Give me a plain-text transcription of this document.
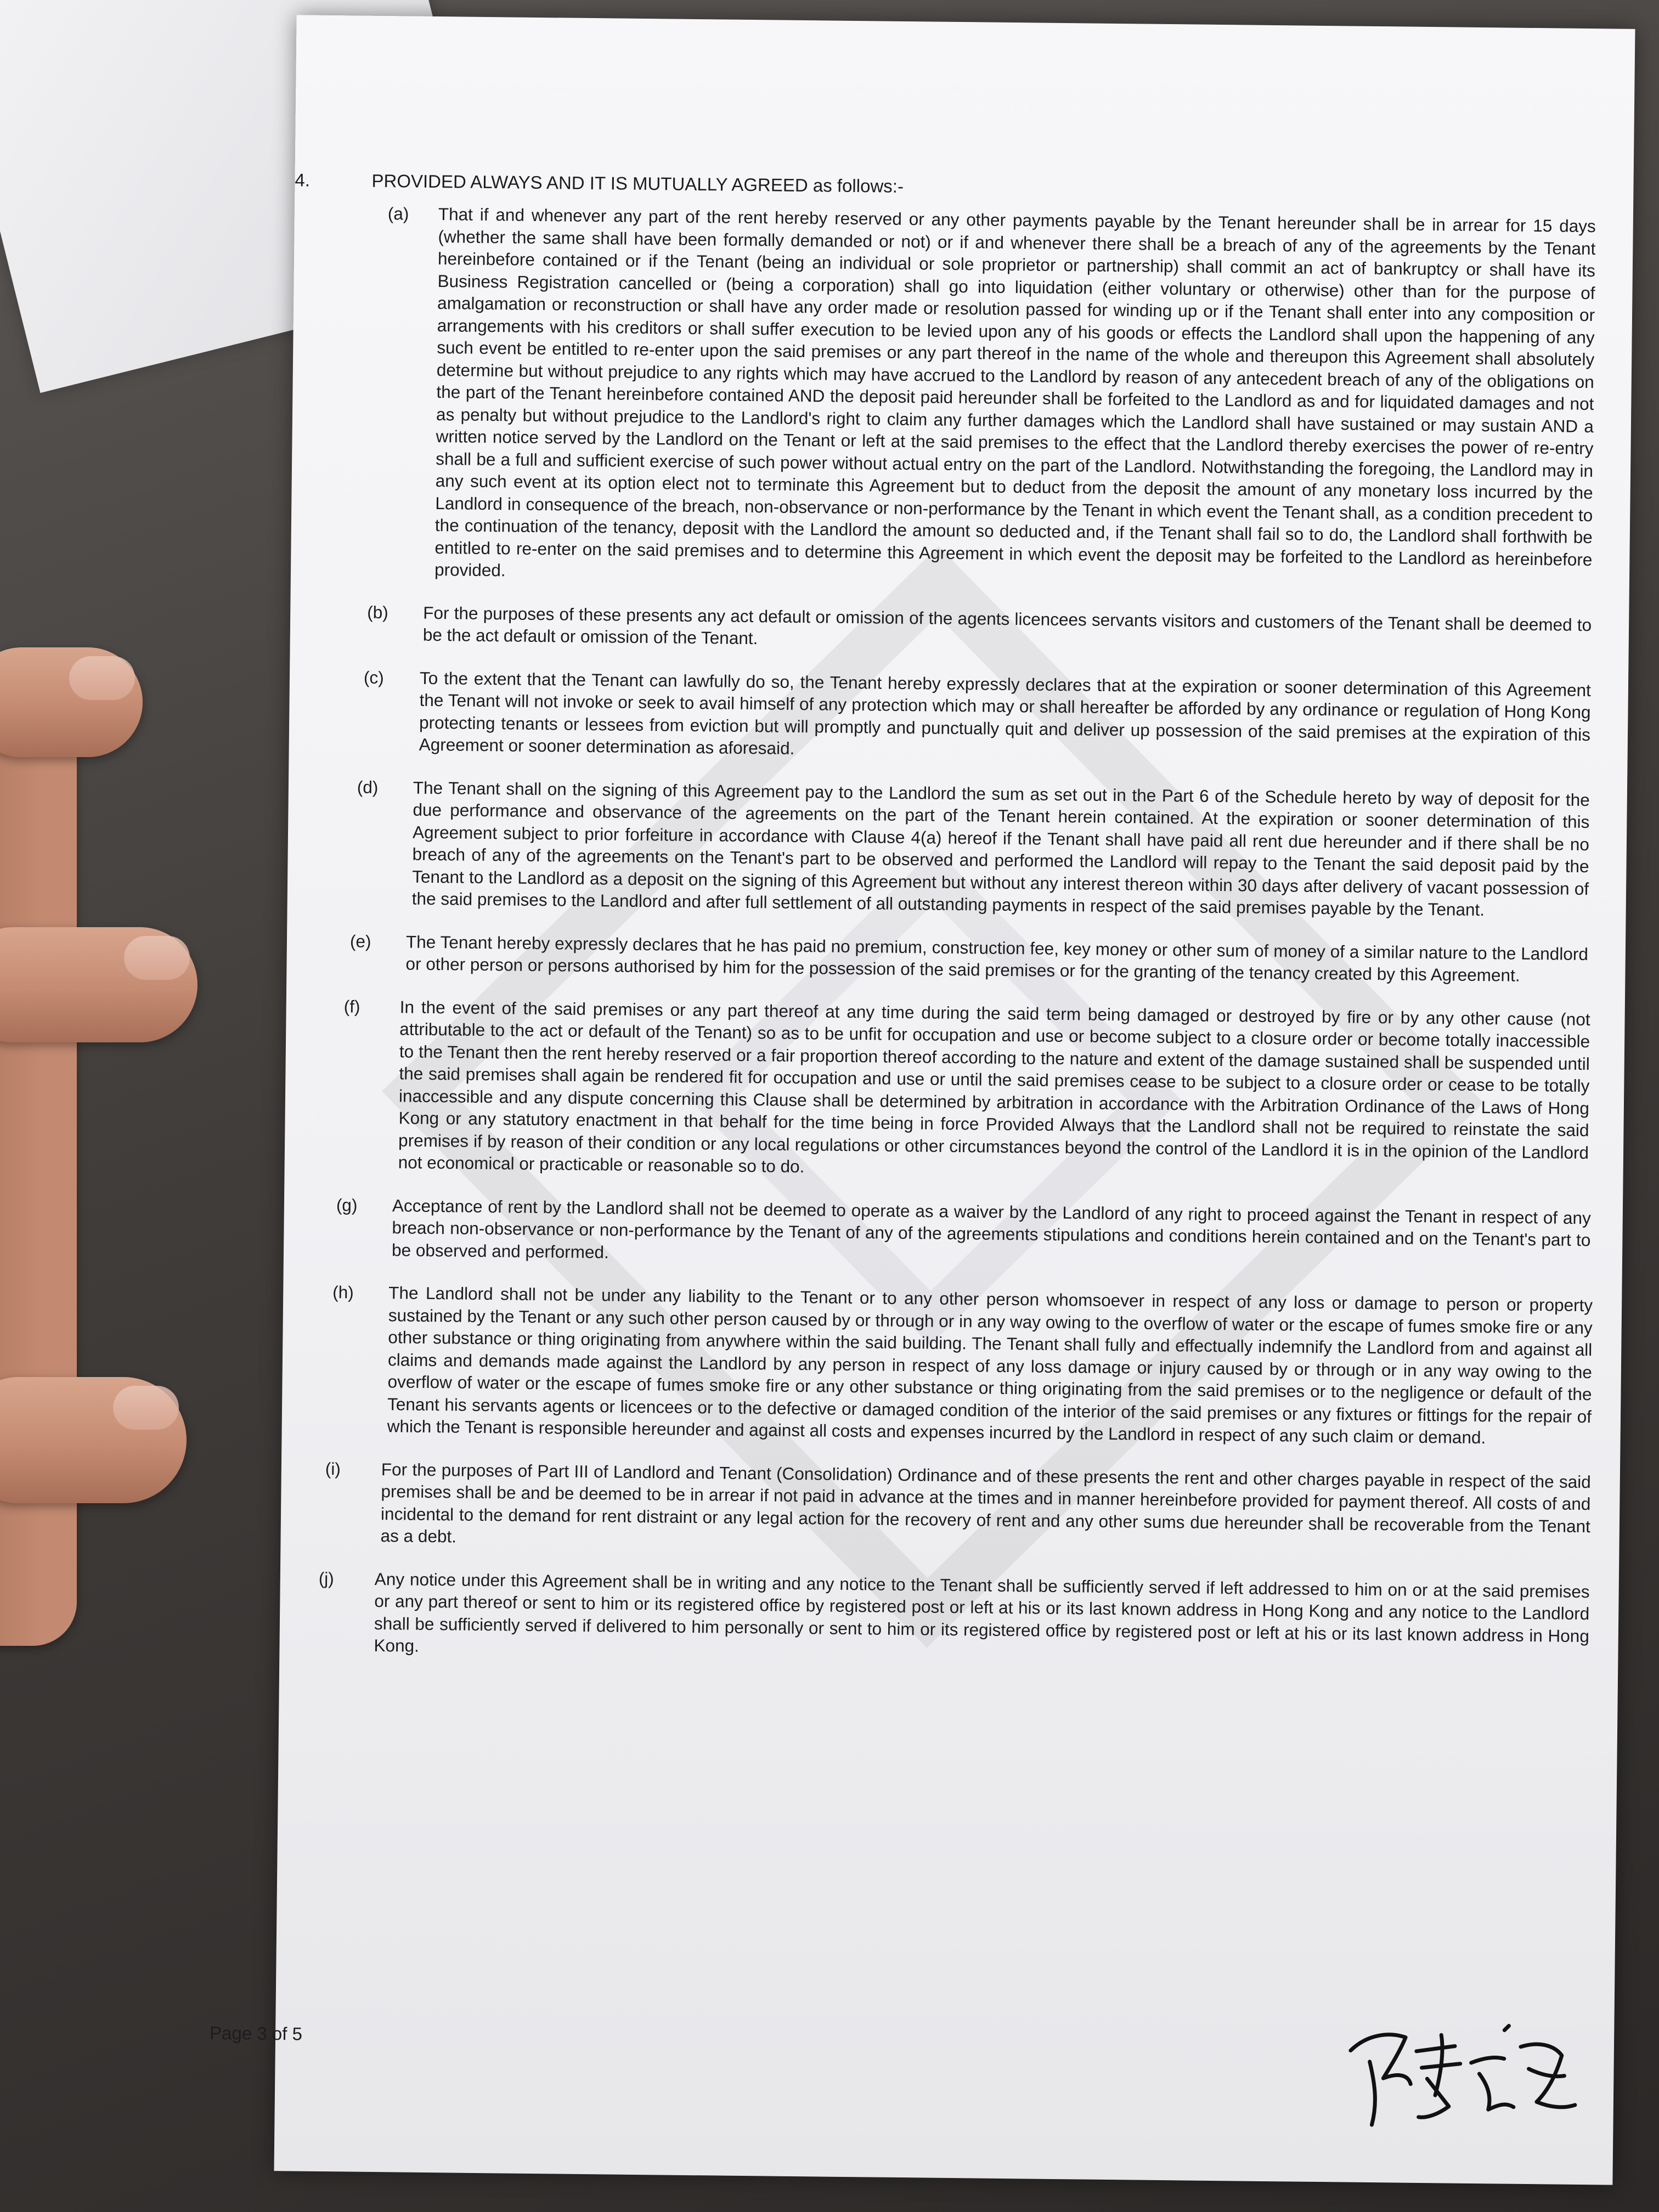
4.	PROVIDED ALWAYS AND IT IS MUTUALLY AGREED as follows:-
(a)	That if and whenever any part of the rent hereby reserved or any other payments payable by the Tenant hereunder shall be in arrear for 15 days (whether the same shall have been formally demanded or not) or if and whenever there shall be a breach of any of the agreements by the Tenant hereinbefore contained or if the Tenant (being an individual or sole proprietor or partnership) shall commit an act of bankruptcy or shall have its Business Registration cancelled or (being a corporation) shall go into liquidation (either voluntary or otherwise) other than for the purpose of amalgamation or reconstruction or shall have any order made or resolution passed for winding up or if the Tenant shall enter into any composition or arrangements with his creditors or shall suffer execution to be levied upon any of his goods or effects the Landlord shall upon the happening of any such event be entitled to re-enter upon the said premises or any part thereof in the name of the whole and thereupon this Agreement shall absolutely determine but without prejudice to any rights which may have accrued to the Landlord by reason of any antecedent breach of any of the obligations on the part of the Tenant hereinbefore contained AND the deposit paid hereunder shall be forfeited to the Landlord as and for liquidated damages and not as penalty but without prejudice to the Landlord's right to claim any further damages which the Landlord shall have sustained or may sustain AND a written notice served by the Landlord on the Tenant or left at the said premises to the effect that the Landlord thereby exercises the power of re-entry shall be a full and sufficient exercise of such power without actual entry on the part of the Landlord. Notwithstanding the foregoing, the Landlord may in any such event at its option elect not to terminate this Agreement but to deduct from the deposit the amount of any monetary loss incurred by the Landlord in consequence of the breach, non-observance or non-performance by the Tenant in which event the Tenant shall, as a condition precedent to the continuation of the tenancy, deposit with the Landlord the amount so deducted and, if the Tenant shall fail so to do, the Landlord shall forthwith be entitled to re-enter on the said premises and to determine this Agreement in which event the deposit may be forfeited to the Landlord as hereinbefore provided.
(b)	For the purposes of these presents any act default or omission of the agents licencees servants visitors and customers of the Tenant shall be deemed to be the act default or omission of the Tenant.
(c)	To the extent that the Tenant can lawfully do so, the Tenant hereby expressly declares that at the expiration or sooner determination of this Agreement the Tenant will not invoke or seek to avail himself of any protection which may or shall hereafter be afforded by any ordinance or regulation of Hong Kong protecting tenants or lessees from eviction but will promptly and punctually quit and deliver up possession of the said premises at the expiration of this Agreement or sooner determination as aforesaid.
(d)	The Tenant shall on the signing of this Agreement pay to the Landlord the sum as set out in the Part 6 of the Schedule hereto by way of deposit for the due performance and observance of the agreements on the part of the Tenant herein contained. At the expiration or sooner determination of this Agreement subject to prior forfeiture in accordance with Clause 4(a) hereof if the Tenant shall have paid all rent due hereunder and if there shall be no breach of any of the agreements on the Tenant's part to be observed and performed the Landlord will repay to the Tenant the said deposit paid by the Tenant to the Landlord as a deposit on the signing of this Agreement but without any interest thereon within 30 days after delivery of vacant possession of the said premises to the Landlord and after full settlement of all outstanding payments in respect of the said premises payable by the Tenant.
(e)	The Tenant hereby expressly declares that he has paid no premium, construction fee, key money or other sum of money of a similar nature to the Landlord or other person or persons authorised by him for the possession of the said premises or for the granting of the tenancy created by this Agreement.
(f)	In the event of the said premises or any part thereof at any time during the said term being damaged or destroyed by fire or by any other cause (not attributable to the act or default of the Tenant) so as to be unfit for occupation and use or become subject to a closure order or become totally inaccessible to the Tenant then the rent hereby reserved or a fair proportion thereof according to the nature and extent of the damage sustained shall be suspended until the said premises shall again be rendered fit for occupation and use or until the said premises cease to be subject to a closure order or cease to be totally inaccessible and any dispute concerning this Clause shall be determined by arbitration in accordance with the Arbitration Ordinance of the Laws of Hong Kong or any statutory enactment in that behalf for the time being in force Provided Always that the Landlord shall not be required to reinstate the said premises if by reason of their condition or any local regulations or other circumstances beyond the control of the Landlord it is in the opinion of the Landlord not economical or practicable or reasonable so to do.
(g)	Acceptance of rent by the Landlord shall not be deemed to operate as a waiver by the Landlord of any right to proceed against the Tenant in respect of any breach non-observance or non-performance by the Tenant of any of the agreements stipulations and conditions herein contained and on the Tenant's part to be observed and performed.
(h)	The Landlord shall not be under any liability to the Tenant or to any other person whomsoever in respect of any loss or damage to person or property sustained by the Tenant or any such other person caused by or through or in any way owing to the overflow of water or the escape of fumes smoke fire or any other substance or thing originating from anywhere within the said building. The Tenant shall fully and effectually indemnify the Landlord from and against all claims and demands made against the Landlord by any person in respect of any loss damage or injury caused by or through or in any way owing to the overflow of water or the escape of fumes smoke fire or any other substance or thing originating from the said premises or to the negligence or default of the Tenant his servants agents or licencees or to the defective or damaged condition of the interior of the said premises or any fixtures or fittings for the repair of which the Tenant is responsible hereunder and against all costs and expenses incurred by the Landlord in respect of any such claim or demand.
(i)	For the purposes of Part III of Landlord and Tenant (Consolidation) Ordinance and of these presents the rent and other charges payable in respect of the said premises shall be and be deemed to be in arrear if not paid in advance at the times and in manner hereinbefore provided for payment thereof. All costs of and incidental to the demand for rent distraint or any legal action for the recovery of rent and any other sums due hereunder shall be recoverable from the Tenant as a debt.
(j)	Any notice under this Agreement shall be in writing and any notice to the Tenant shall be sufficiently served if left addressed to him on or at the said premises or any part thereof or sent to him or its registered office by registered post or left at his or its last known address in Hong Kong and any notice to the Landlord shall be sufficiently served if delivered to him personally or sent to him or its registered office by registered post or left at his or its last known address in Hong Kong.
Page 3 of 5
